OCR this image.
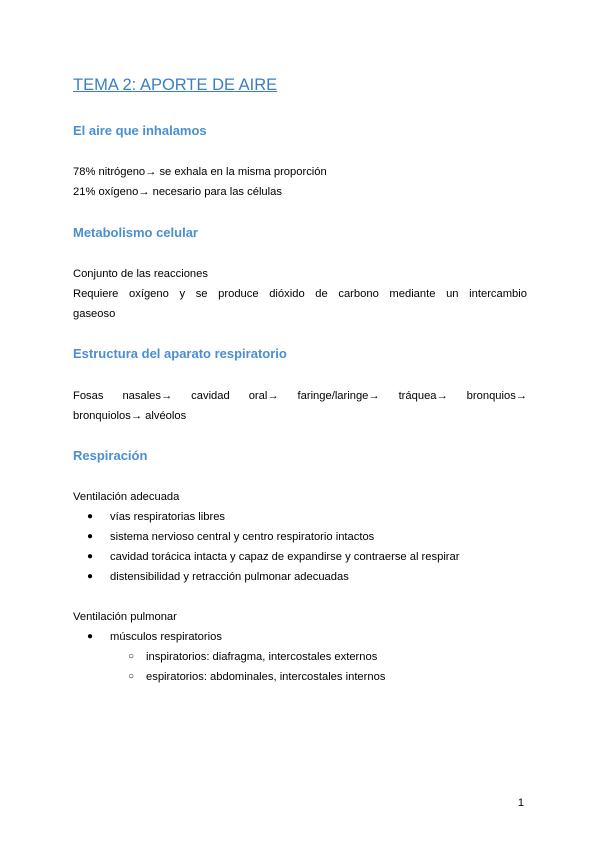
TEMA 2: APORTE DE AIRE
El aire que inhalamos

78% nitrógeno→ se exhala en la misma proporción

21% oxígeno→ necesario para las células

Metabolismo celular

Conjunto de las reacciones

Requiere oxígeno y se produce dióxido de carbono mediante un intercambio

gaseoso

Estructura del aparato respiratorio

Fosas nasales→ cavidad oral→ faringe/laringe→ tráquea→ bronquios→

bronquiolos→ alvéolos

Respiración

Ventilación adecuada

● vías respiratorias libres
● sistema nervioso central y centro respiratorio intactos
● cavidad torácica intacta y capaz de expandirse y contraerse al respirar
● distensibilidad y retracción pulmonar adecuadas

Ventilación pulmonar

● músculos respiratorios
○ inspiratorios: diafragma, intercostales externos
○ espiratorios: abdominales, intercostales internos
1
